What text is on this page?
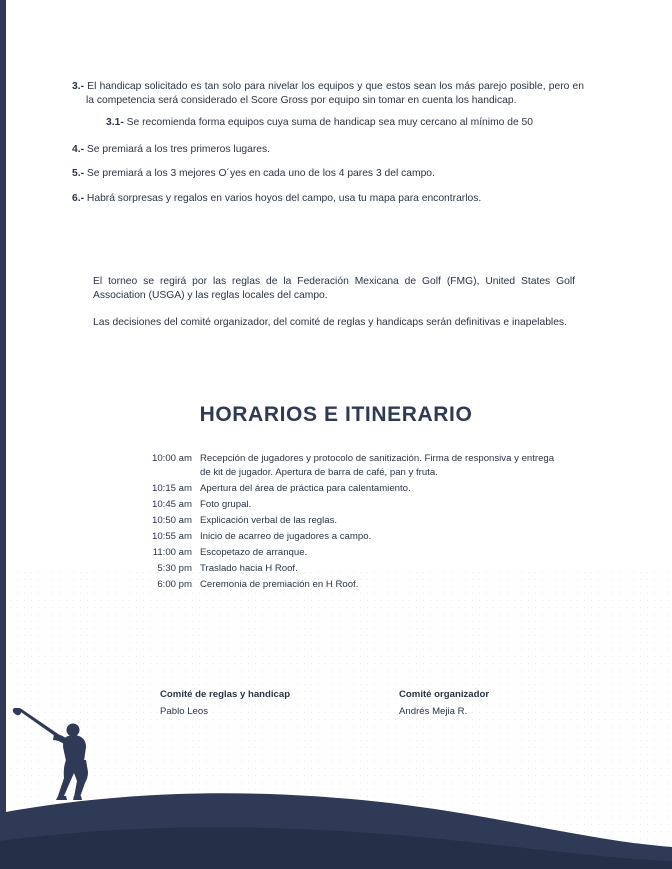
3.- El handicap solicitado es tan solo para nivelar los equipos y que estos sean los más parejo posible, pero en la competencia será considerado el Score Gross por equipo sin tomar en cuenta los handicap.
3.1- Se recomienda forma equipos cuya suma de handicap sea muy cercano al mínimo de 50
4.- Se premiará a los tres primeros lugares.
5.- Se premiará a los 3 mejores O´yes en cada uno de los 4 pares 3 del campo.
6.- Habrá sorpresas y regalos en varios hoyos del campo, usa tu mapa para encontrarlos.
El torneo se regirá por las reglas de la Federación Mexicana de Golf (FMG), United States Golf Association (USGA) y las reglas locales del campo.
Las decisiones del comité organizador, del comité de reglas y handicaps serán definitivas e inapelables.
HORARIOS E ITINERARIO
10:00 am Recepción de jugadores y protocolo de sanitización. Firma de responsiva y entrega de kit de jugador. Apertura de barra de café, pan y fruta.
10:15 am Apertura del área de práctica para calentamiento.
10:45 am Foto grupal.
10:50 am Explicación verbal de las reglas.
10:55 am Inicio de acarreo de jugadores a campo.
11:00 am Escopetazo de arranque.
5:30 pm Traslado hacia H Roof.
6:00 pm Ceremonia de premiación en H Roof.
Comité de reglas y handicap
Pablo Leos
Comité organizador
Andrés Mejia R.
